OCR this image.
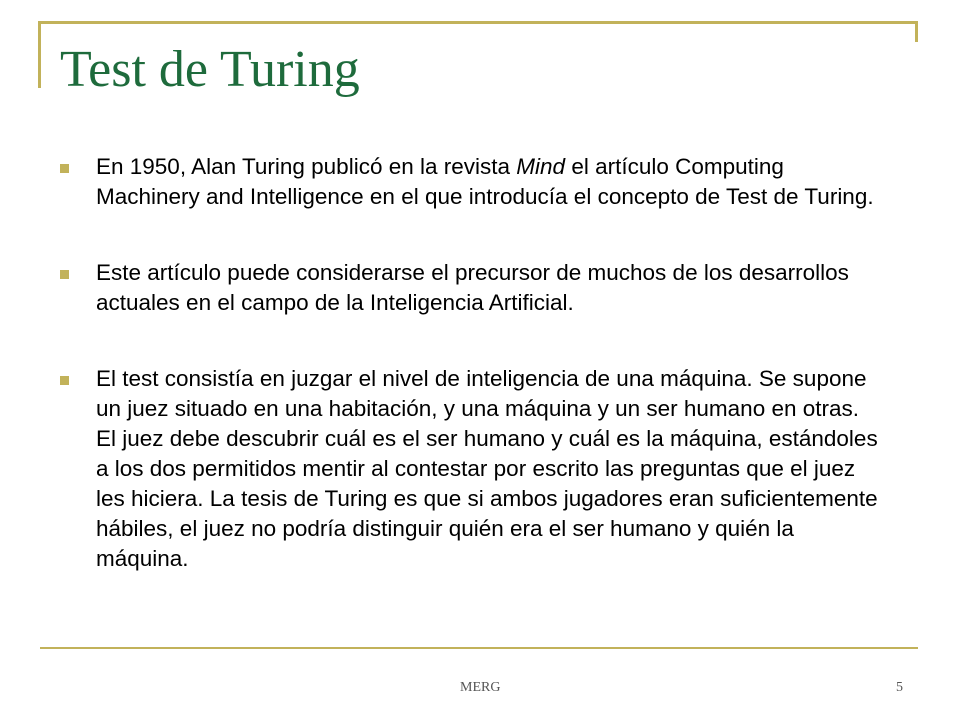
Test de Turing
En 1950, Alan Turing publicó en la revista Mind el artículo Computing Machinery and Intelligence en el que introducía el concepto de Test de Turing.
Este artículo puede considerarse el precursor de muchos de los desarrollos actuales en el campo de la Inteligencia Artificial.
El test consistía en juzgar el nivel de inteligencia de una máquina. Se supone un juez situado en una habitación, y una máquina y un ser humano en otras. El juez debe descubrir cuál es el ser humano y cuál es la máquina, estándoles a los dos permitidos mentir al contestar por escrito las preguntas que el juez les hiciera. La tesis de Turing es que si ambos jugadores eran suficientemente hábiles, el juez no podría distinguir quién era el ser humano y quién la máquina.
MERG	5
